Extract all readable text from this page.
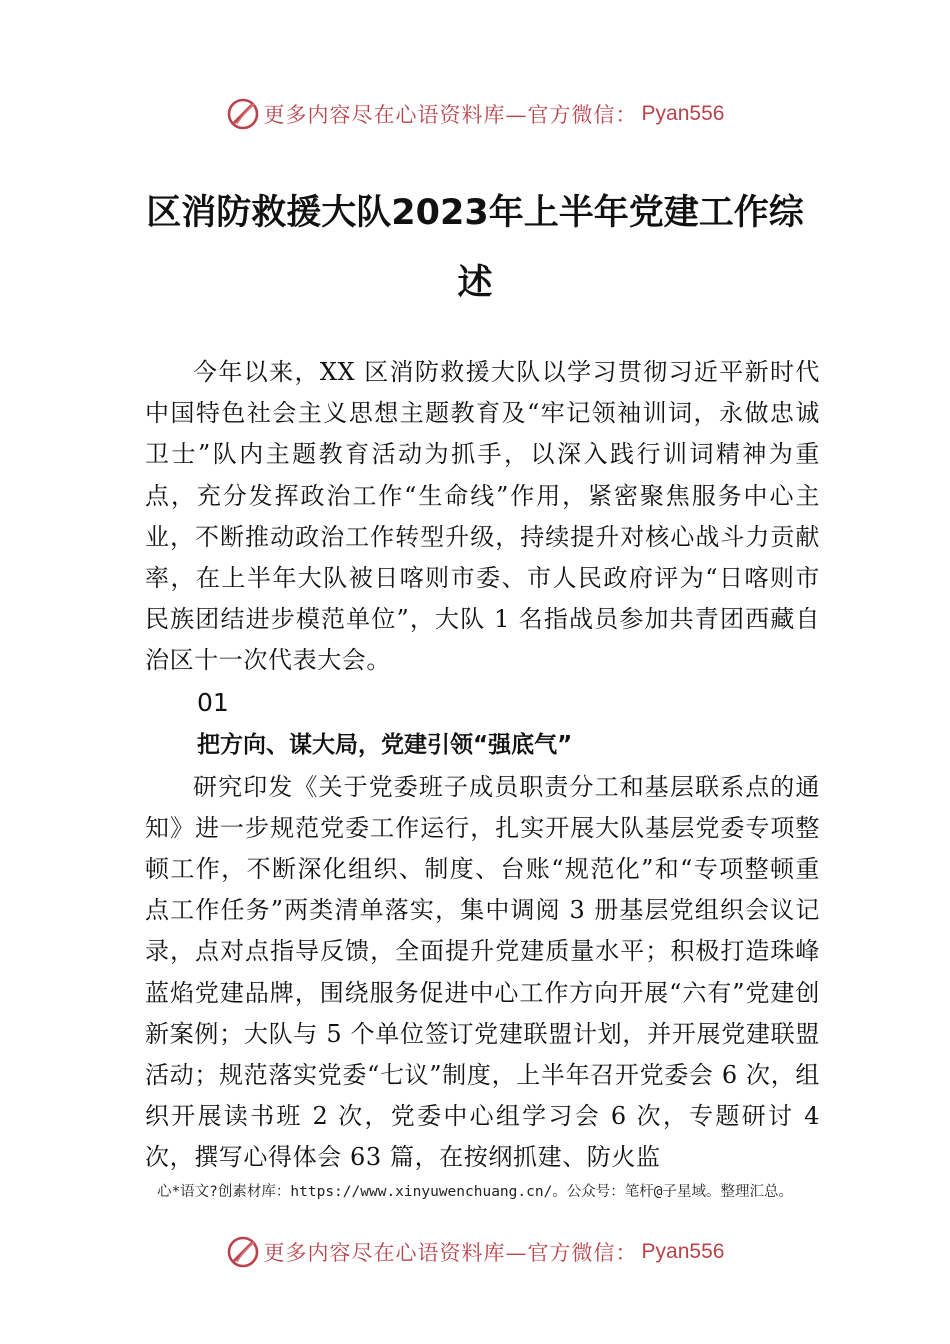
更多内容尽在心语资料库—官方微信： Pyan556
区消防救援大队2023年上半年党建工作综述

今年以来，XX 区消防救援大队以学习贯彻习近平新时代中国特色社会主义思想主题教育及“牢记领袖训词，永做忠诚卫士”队内主题教育活动为抓手，以深入践行训词精神为重点，充分发挥政治工作“生命线”作用，紧密聚焦服务中心主业，不断推动政治工作转型升级，持续提升对核心战斗力贡献率，在上半年大队被日喀则市委、市人民政府评为“日喀则市民族团结进步模范单位”，大队 1 名指战员参加共青团西藏自治区十一次代表大会。

01

把方向、谋大局，党建引领“强底气”

研究印发《关于党委班子成员职责分工和基层联系点的通知》进一步规范党委工作运行，扎实开展大队基层党委专项整顿工作，不断深化组织、制度、台账“规范化”和“专项整顿重点工作任务”两类清单落实，集中调阅 3 册基层党组织会议记录，点对点指导反馈，全面提升党建质量水平；积极打造珠峰蓝焰党建品牌，围绕服务促进中心工作方向开展“六有”党建创新案例；大队与 5 个单位签订党建联盟计划，并开展党建联盟活动；规范落实党委“七议”制度，上半年召开党委会 6 次，组织开展读书班 2 次，党委中心组学习会 6 次，专题研讨 4 次，撰写心得体会 63 篇，在按纲抓建、防火监

心*语文?创素材库：https://www.xinyuwenchuang.cn/。公众号：笔杆@子星域。整理汇总。
更多内容尽在心语资料库—官方微信： Pyan556
